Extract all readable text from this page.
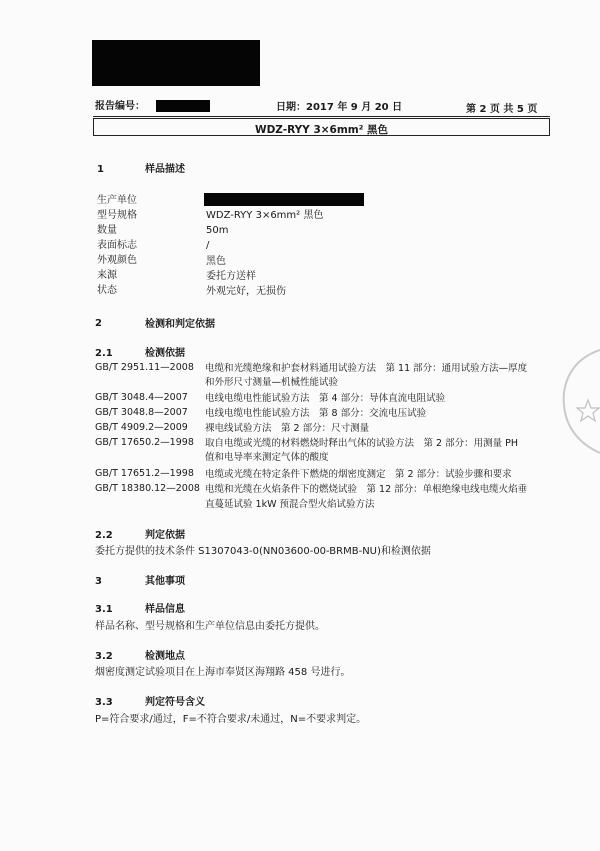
报告编号：	日期：2017 年 9 月 20 日	第 2 页 共 5 页
WDZ-RYY 3×6mm² 黑色
1	样品描述
生产单位
型号规格	WDZ-RYY 3×6mm² 黑色
数量	50m
表面标志	/
外观颜色	黑色
来源	委托方送样
状态	外观完好，无损伤
2	检测和判定依据
2.1	检测依据
GB/T 2951.11—2008 电缆和光缆绝缘和护套材料通用试验方法　第 11 部分：通用试验方法—厚度
和外形尺寸测量—机械性能试验
GB/T 3048.4—2007 电线电缆电性能试验方法　第 4 部分：导体直流电阻试验
GB/T 3048.8—2007 电线电缆电性能试验方法　第 8 部分：交流电压试验
GB/T 4909.2—2009 裸电线试验方法　第 2 部分：尺寸测量
GB/T 17650.2—1998 取自电缆或光缆的材料燃烧时释出气体的试验方法　第 2 部分：用测量 PH
值和电导率来测定气体的酸度
GB/T 17651.2—1998 电缆或光缆在特定条件下燃烧的烟密度测定　第 2 部分：试验步骤和要求
GB/T 18380.12—2008 电缆和光缆在火焰条件下的燃烧试验　第 12 部分：单根绝缘电线电缆火焰垂
直蔓延试验 1kW 预混合型火焰试验方法
2.2	判定依据
委托方提供的技术条件 S1307043-0(NN03600-00-BRMB-NU)和检测依据
3	其他事项
3.1	样品信息
样品名称、型号规格和生产单位信息由委托方提供。
3.2	检测地点
烟密度测定试验项目在上海市奉贤区海翔路 458 号进行。
3.3	判定符号含义
P=符合要求/通过，F=不符合要求/未通过，N=不要求判定。
